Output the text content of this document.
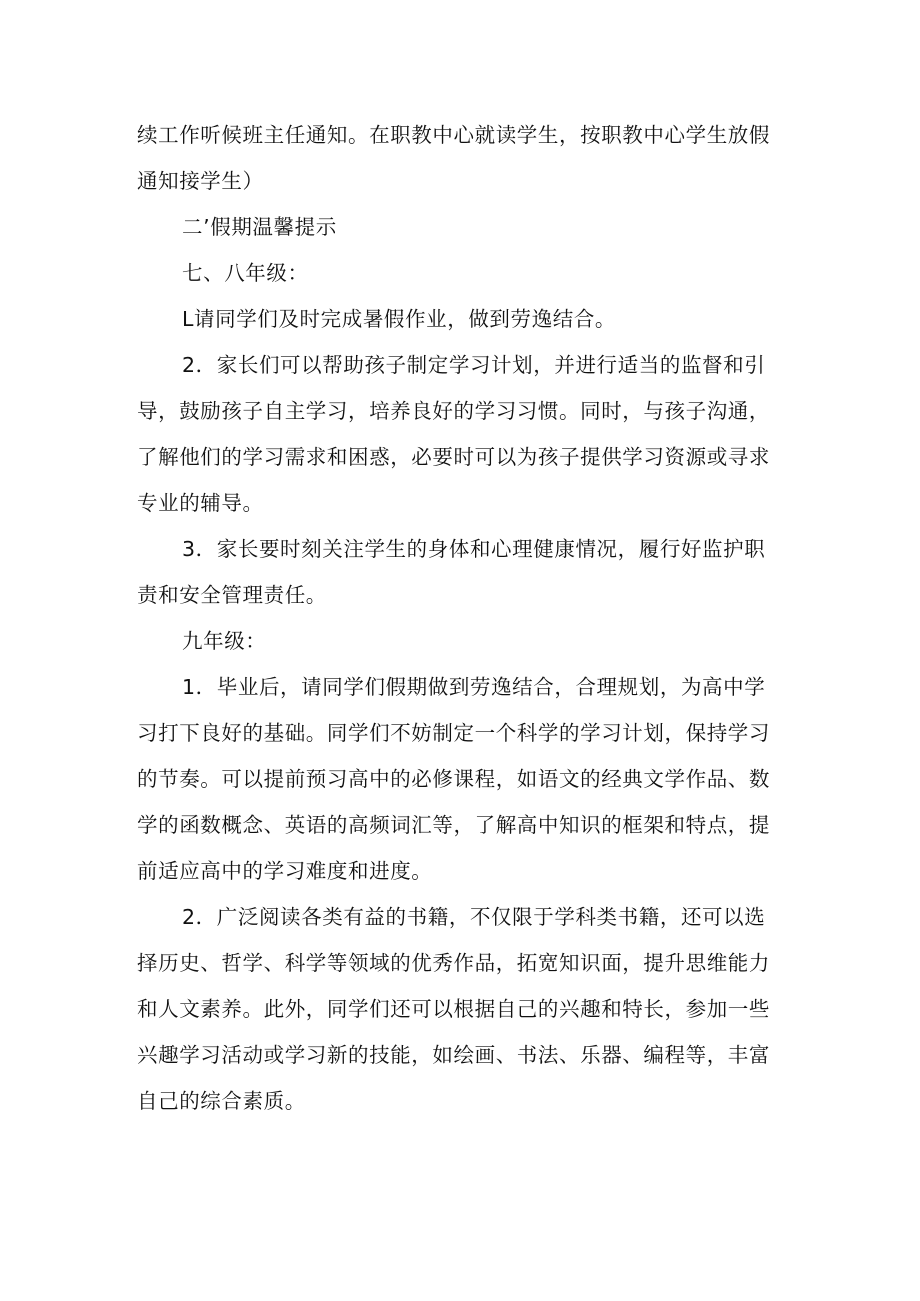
续工作听候班主任通知。在职教中心就读学生，按职教中心学生放假
通知接学生）
二’假期温馨提示
七、八年级：
L请同学们及时完成暑假作业，做到劳逸结合。
2．家长们可以帮助孩子制定学习计划，并进行适当的监督和引
导，鼓励孩子自主学习，培养良好的学习习惯。同时，与孩子沟通，
了解他们的学习需求和困惑，必要时可以为孩子提供学习资源或寻求
专业的辅导。
3．家长要时刻关注学生的身体和心理健康情况，履行好监护职
责和安全管理责任。
九年级：
1．毕业后，请同学们假期做到劳逸结合，合理规划，为高中学
习打下良好的基础。同学们不妨制定一个科学的学习计划，保持学习
的节奏。可以提前预习高中的必修课程，如语文的经典文学作品、数
学的函数概念、英语的高频词汇等，了解高中知识的框架和特点，提
前适应高中的学习难度和进度。
2．广泛阅读各类有益的书籍，不仅限于学科类书籍，还可以选
择历史、哲学、科学等领域的优秀作品，拓宽知识面，提升思维能力
和人文素养。此外，同学们还可以根据自己的兴趣和特长，参加一些
兴趣学习活动或学习新的技能，如绘画、书法、乐器、编程等，丰富
自己的综合素质。
